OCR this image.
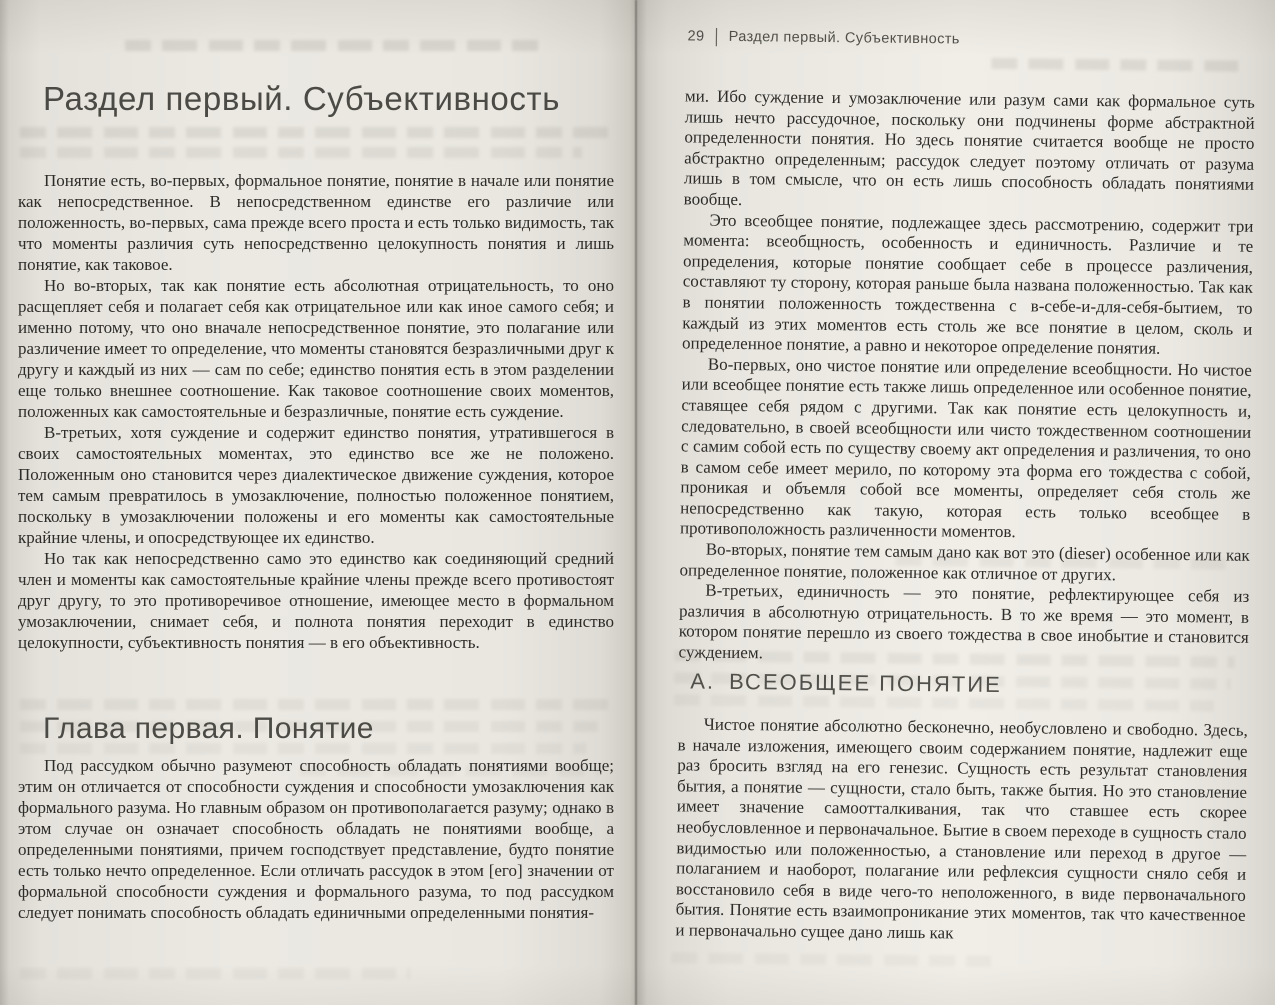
Раздел первый. Субъективность

Понятие есть, во-первых, формальное понятие, понятие в начале или понятие как непосредственное. В непосредственном единстве его различие или положенность, во-первых, сама прежде всего проста и есть только видимость, так что моменты различия суть непосредственно целокупность понятия и лишь понятие, как таковое.

Но во-вторых, так как понятие есть абсолютная отрицательность, то оно расщепляет себя и полагает себя как отрицательное или как иное самого себя; и именно потому, что оно вначале непосредственное понятие, это полагание или различение имеет то определение, что моменты становятся безразличными друг к другу и каждый из них — сам по себе; единство понятия есть в этом разделении еще только внешнее соотношение. Как таковое соотношение своих моментов, положенных как самостоятельные и безразличные, понятие есть суждение.

В-третьих, хотя суждение и содержит единство понятия, утратившегося в своих самостоятельных моментах, это единство все же не положено. Положенным оно становится через диалектическое движение суждения, которое тем самым превратилось в умозаключение, полностью положенное понятием, поскольку в умозаключении положены и его моменты как самостоятельные крайние члены, и опосредствующее их единство.

Но так как непосредственно само это единство как соединяющий средний член и моменты как самостоятельные крайние члены прежде всего противостоят друг другу, то это противоречивое отношение, имеющее место в формальном умозаключении, снимает себя, и полнота понятия переходит в единство целокупности, субъективность понятия — в его объективность.

Глава первая. Понятие

Под рассудком обычно разумеют способность обладать понятиями вообще; этим он отличается от способности суждения и способности умозаключения как формального разума. Но главным образом он противополагается разуму; однако в этом случае он означает способность обладать не понятиями вообще, а определенными понятиями, причем господствует представление, будто понятие есть только нечто определенное. Если отличать рассудок в этом [его] значении от формальной способности суждения и формального разума, то под рассудком следует понимать способность обладать единичными определенными понятия-

29 | Раздел первый. Субъективность

ми. Ибо суждение и умозаключение или разум сами как формальное суть лишь нечто рассудочное, поскольку они подчинены форме абстрактной определенности понятия. Но здесь понятие считается вообще не просто абстрактно определенным; рассудок следует поэтому отличать от разума лишь в том смысле, что он есть лишь способность обладать понятиями вообще.

Это всеобщее понятие, подлежащее здесь рассмотрению, содержит три момента: всеобщность, особенность и единичность. Различие и те определения, которые понятие сообщает себе в процессе различения, составляют ту сторону, которая раньше была названа положенностью. Так как в понятии положенность тождественна с в-себе-и-для-себя-бытием, то каждый из этих моментов есть столь же все понятие в целом, сколь и определенное понятие, а равно и некоторое определение понятия.

Во-первых, оно чистое понятие или определение всеобщности. Но чистое или всеобщее понятие есть также лишь определенное или особенное понятие, ставящее себя рядом с другими. Так как понятие есть целокупность и, следовательно, в своей всеобщности или чисто тождественном соотношении с самим собой есть по существу своему акт определения и различения, то оно в самом себе имеет мерило, по которому эта форма его тождества с собой, проникая и объемля собой все моменты, определяет себя столь же непосредственно как такую, которая есть только всеобщее в противоположность различенности моментов.

Во-вторых, понятие тем самым дано как вот это (dieser) особенное или как определенное понятие, положенное как отличное от других.

В-третьих, единичность — это понятие, рефлектирующее себя из различия в абсолютную отрицательность. В то же время — это момент, в котором понятие перешло из своего тождества в свое инобытие и становится суждением.

А. ВСЕОБЩЕЕ ПОНЯТИЕ

Чистое понятие абсолютно бесконечно, необусловлено и свободно. Здесь, в начале изложения, имеющего своим содержанием понятие, надлежит еще раз бросить взгляд на его генезис. Сущность есть результат становления бытия, а понятие — сущности, стало быть, также бытия. Но это становление имеет значение самоотталкивания, так что ставшее есть скорее необусловленное и первоначальное. Бытие в своем переходе в сущность стало видимостью или положенностью, а становление или переход в другое — полаганием и наоборот, полагание или рефлексия сущности сняло себя и восстановило себя в виде чего-то неположенного, в виде первоначального бытия. Понятие есть взаимопроникание этих моментов, так что качественное и первоначально сущее дано лишь как
